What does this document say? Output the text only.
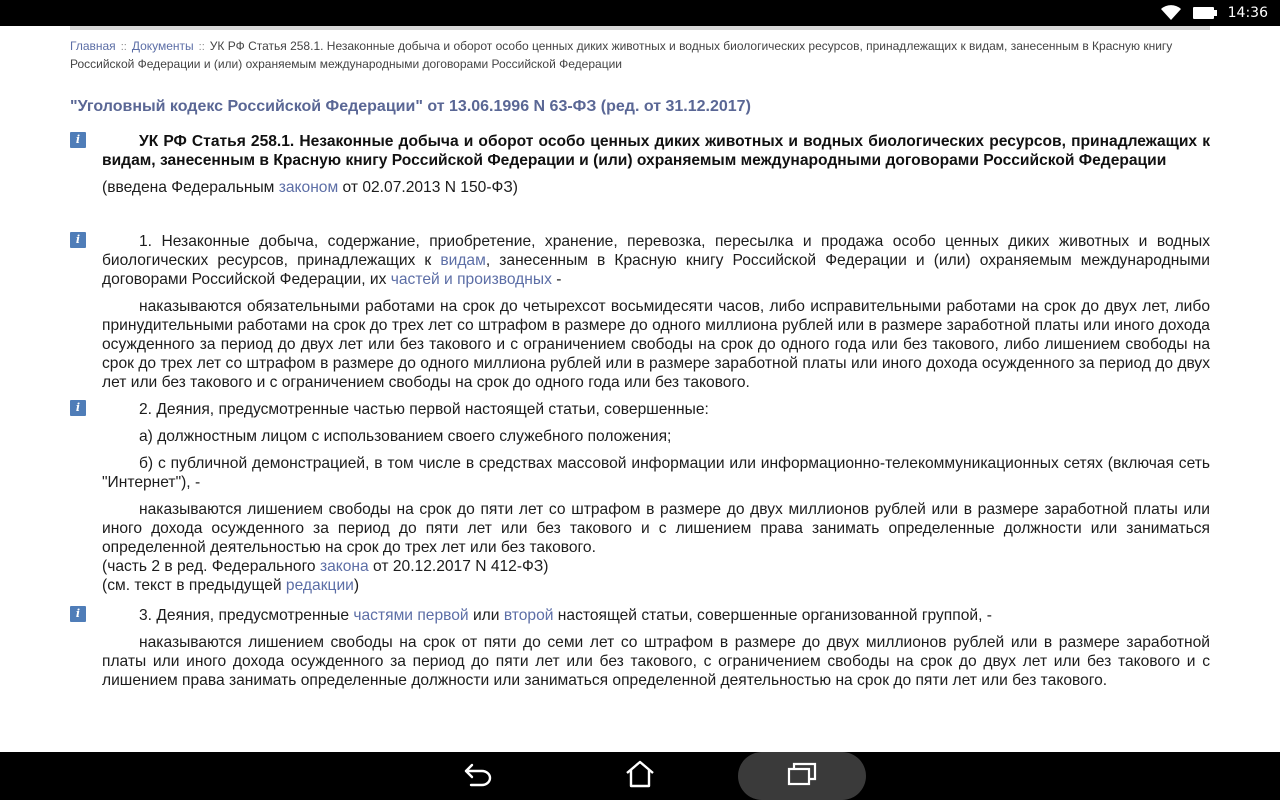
14:36
Главная :: Документы :: УК РФ Статья 258.1. Незаконные добыча и оборот особо ценных диких животных и водных биологических ресурсов, принадлежащих к видам, занесенным в Красную книгу Российской Федерации и (или) охраняемым международными договорами Российской Федерации
"Уголовный кодекс Российской Федерации" от 13.06.1996 N 63-ФЗ (ред. от 31.12.2017)
i	УК РФ Статья 258.1. Незаконные добыча и оборот особо ценных диких животных и водных биологических ресурсов, принадлежащих к видам, занесенным в Красную книгу Российской Федерации и (или) охраняемым международными договорами Российской Федерации
(введена Федеральным законом от 02.07.2013 N 150-ФЗ)
i	1. Незаконные добыча, содержание, приобретение, хранение, перевозка, пересылка и продажа особо ценных диких животных и водных биологических ресурсов, принадлежащих к видам, занесенным в Красную книгу Российской Федерации и (или) охраняемым международными договорами Российской Федерации, их частей и производных -
наказываются обязательными работами на срок до четырехсот восьмидесяти часов, либо исправительными работами на срок до двух лет, либо принудительными работами на срок до трех лет со штрафом в размере до одного миллиона рублей или в размере заработной платы или иного дохода осужденного за период до двух лет или без такового и с ограничением свободы на срок до одного года или без такового, либо лишением свободы на срок до трех лет со штрафом в размере до одного миллиона рублей или в размере заработной платы или иного дохода осужденного за период до двух лет или без такового и с ограничением свободы на срок до одного года или без такового.
i	2. Деяния, предусмотренные частью первой настоящей статьи, совершенные:
а) должностным лицом с использованием своего служебного положения;
б) с публичной демонстрацией, в том числе в средствах массовой информации или информационно-телекоммуникационных сетях (включая сеть "Интернет"), -
наказываются лишением свободы на срок до пяти лет со штрафом в размере до двух миллионов рублей или в размере заработной платы или иного дохода осужденного за период до пяти лет или без такового и с лишением права занимать определенные должности или заниматься определенной деятельностью на срок до трех лет или без такового.
(часть 2 в ред. Федерального закона от 20.12.2017 N 412-ФЗ)
(см. текст в предыдущей редакции)
i	3. Деяния, предусмотренные частями первой или второй настоящей статьи, совершенные организованной группой, -
наказываются лишением свободы на срок от пяти до семи лет со штрафом в размере до двух миллионов рублей или в размере заработной платы или иного дохода осужденного за период до пяти лет или без такового, с ограничением свободы на срок до двух лет или без такового и с лишением права занимать определенные должности или заниматься определенной деятельностью на срок до пяти лет или без такового.
